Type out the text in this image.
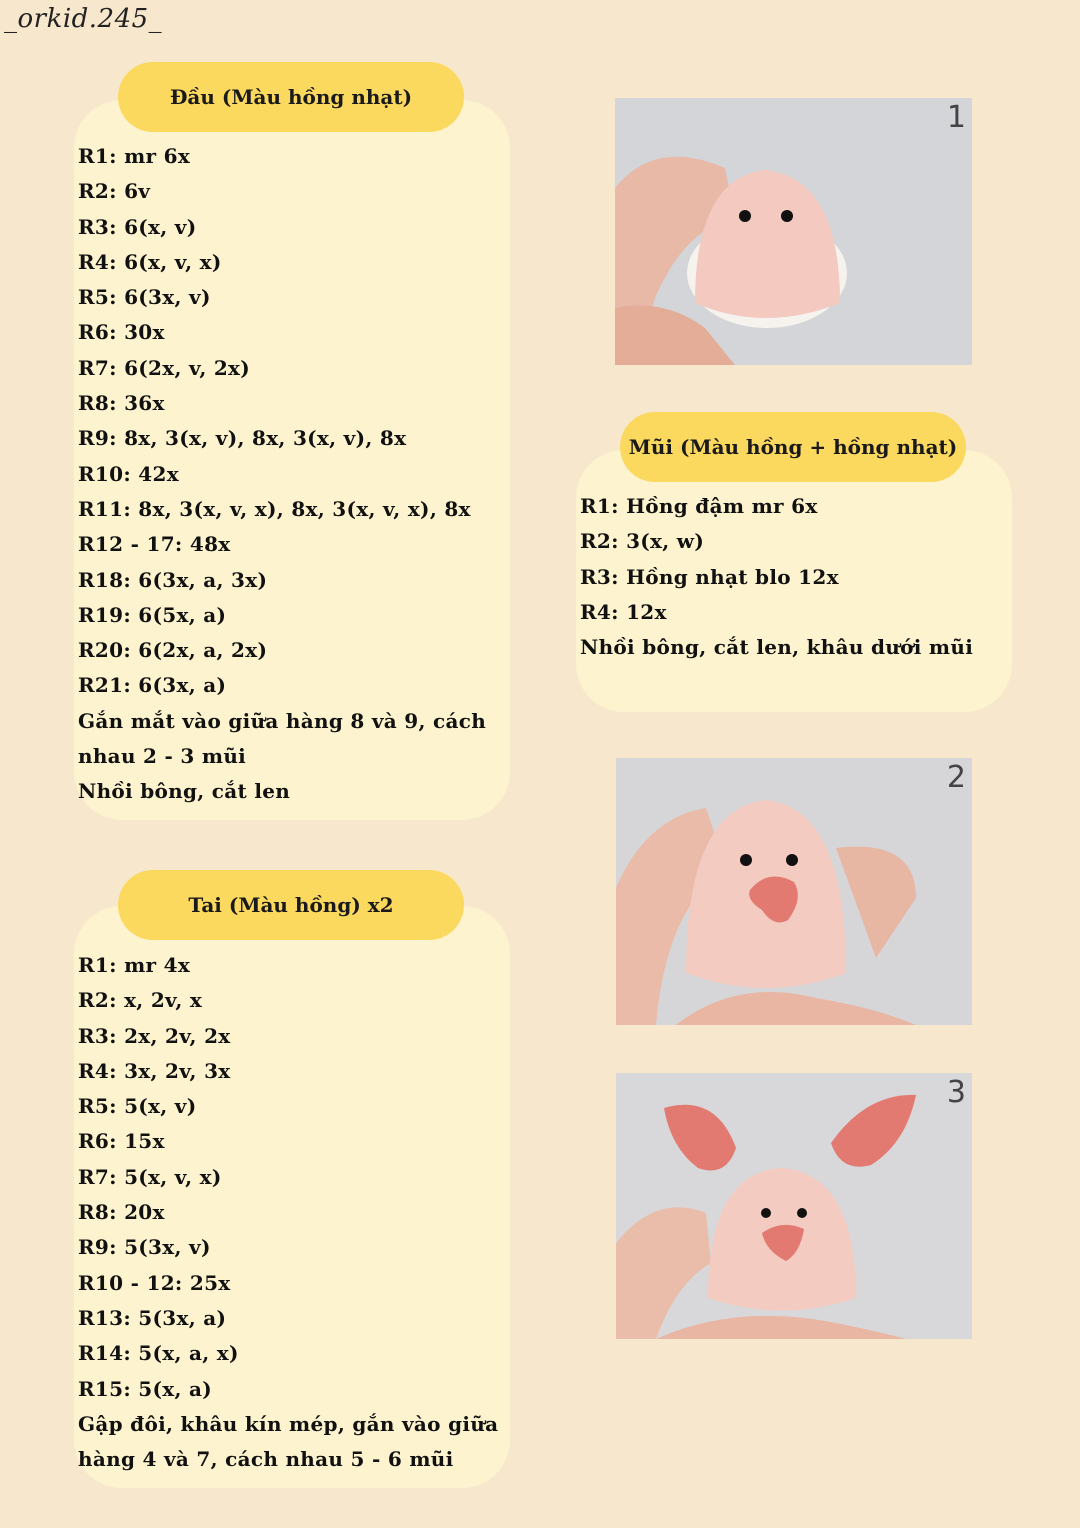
_orkid.245_
Đầu (Màu hồng nhạt)
R1: mr 6x
R2: 6v
R3: 6(x, v)
R4: 6(x, v, x)
R5: 6(3x, v)
R6: 30x
R7: 6(2x, v, 2x)
R8: 36x
R9: 8x, 3(x, v), 8x, 3(x, v), 8x
R10: 42x
R11: 8x, 3(x, v, x), 8x, 3(x, v, x), 8x
R12 - 17: 48x
R18: 6(3x, a, 3x)
R19: 6(5x, a)
R20: 6(2x, a, 2x)
R21: 6(3x, a)
Gắn mắt vào giữa hàng 8 và 9, cách
nhau 2 - 3 mũi
Nhồi bông, cắt len
Tai (Màu hồng) x2
R1: mr 4x
R2: x, 2v, x
R3: 2x, 2v, 2x
R4: 3x, 2v, 3x
R5: 5(x, v)
R6: 15x
R7: 5(x, v, x)
R8: 20x
R9: 5(3x, v)
R10 - 12: 25x
R13: 5(3x, a)
R14: 5(x, a, x)
R15: 5(x, a)
Gập đôi, khâu kín mép, gắn vào giữa
hàng 4 và 7, cách nhau 5 - 6 mũi
Mũi (Màu hồng + hồng nhạt)
R1: Hồng đậm mr 6x
R2: 3(x, w)
R3: Hồng nhạt blo 12x
R4: 12x
Nhồi bông, cắt len, khâu dưới mũi
1
2
3
